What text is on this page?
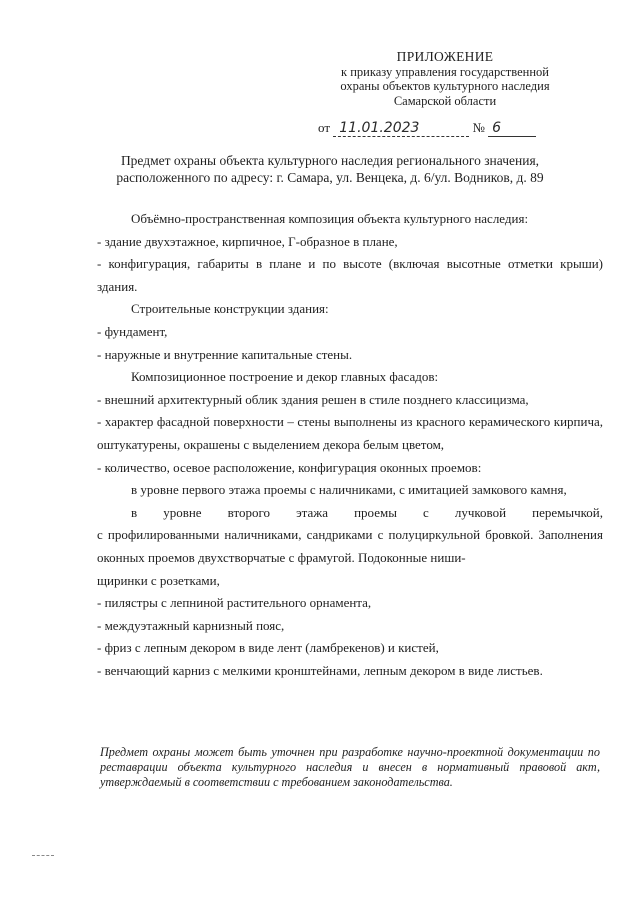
ПРИЛОЖЕНИЕ
к приказу управления государственной
охраны объектов культурного наследия
Самарской области
от 11.01.2023	№ 6
Предмет охраны объекта культурного наследия регионального значения,
расположенного по адресу: г. Самара, ул. Венцека, д. 6/ул. Водников, д. 89

Объёмно-пространственная композиция объекта культурного наследия:

- здание двухэтажное, кирпичное, Г-образное в плане,

- конфигурация, габариты в плане и по высоте (включая высотные отметки крыши) здания.

Строительные конструкции здания:

- фундамент,

- наружные и внутренние капитальные стены.

Композиционное построение и декор главных фасадов:

- внешний архитектурный облик здания решен в стиле позднего классицизма,

- характер фасадной поверхности – стены выполнены из красного керамического кирпича, оштукатурены, окрашены с выделением декора белым цветом,

- количество, осевое расположение, конфигурация оконных проемов:

в уровне первого этажа проемы с наличниками, с имитацией замкового камня,

в уровне второго этажа проемы с лучковой перемычкой,

с профилированными наличниками, сандриками с полуциркульной бровкой. Заполнения оконных проемов двухстворчатые с фрамугой. Подоконные ниши-

щиринки с розетками,

- пилястры с лепниной растительного орнамента,

- междуэтажный карнизный пояс,

- фриз с лепным декором в виде лент (ламбрекенов) и кистей,

- венчающий карниз с мелкими кронштейнами, лепным декором в виде листьев.

Предмет охраны может быть уточнен при разработке научно-проектной документации по реставрации объекта культурного наследия и внесен в нормативный правовой акт, утверждаемый в соответствии с требованием законодательства.
